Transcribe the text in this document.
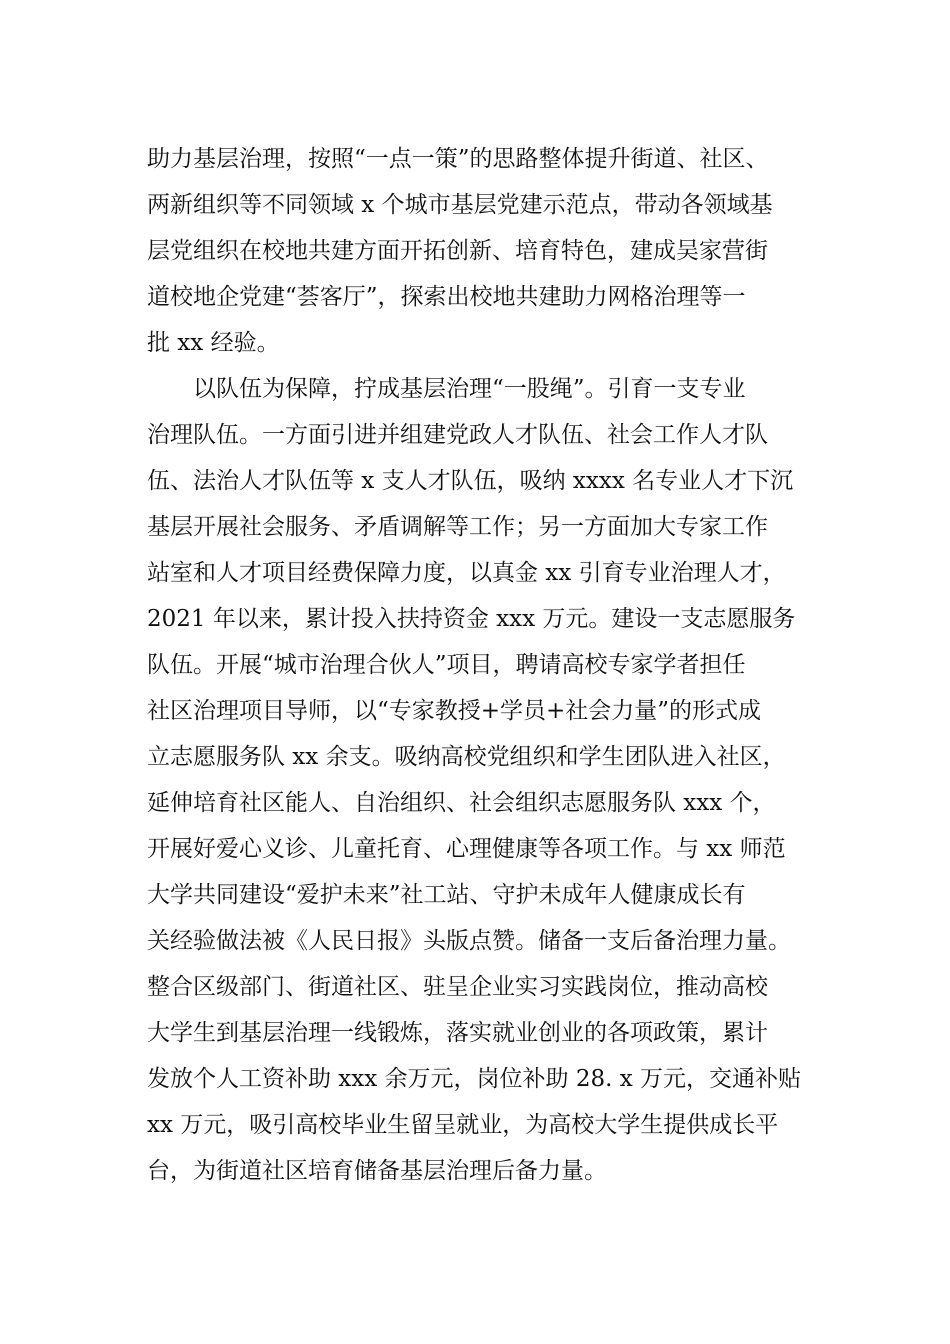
助力基层治理，按照“一点一策”的思路整体提升街道、社区、
两新组织等不同领域 x 个城市基层党建示范点，带动各领域基
层党组织在校地共建方面开拓创新、培育特色，建成吴家营街
道校地企党建“荟客厅”，探索出校地共建助力网格治理等一
批 xx 经验。
　　以队伍为保障，拧成基层治理“一股绳”。引育一支专业
治理队伍。一方面引进并组建党政人才队伍、社会工作人才队
伍、法治人才队伍等 x 支人才队伍，吸纳 xxxx 名专业人才下沉
基层开展社会服务、矛盾调解等工作；另一方面加大专家工作
站室和人才项目经费保障力度，以真金 xx 引育专业治理人才，
2021 年以来，累计投入扶持资金 xxx 万元。建设一支志愿服务
队伍。开展“城市治理合伙人”项目，聘请高校专家学者担任
社区治理项目导师，以“专家教授+学员+社会力量”的形式成
立志愿服务队 xx 余支。吸纳高校党组织和学生团队进入社区，
延伸培育社区能人、自治组织、社会组织志愿服务队 xxx 个，
开展好爱心义诊、儿童托育、心理健康等各项工作。与 xx 师范
大学共同建设“爱护未来”社工站、守护未成年人健康成长有
关经验做法被《人民日报》头版点赞。储备一支后备治理力量。
整合区级部门、街道社区、驻呈企业实习实践岗位，推动高校
大学生到基层治理一线锻炼，落实就业创业的各项政策，累计
发放个人工资补助 xxx 余万元，岗位补助 28. x 万元，交通补贴
xx 万元，吸引高校毕业生留呈就业，为高校大学生提供成长平
台，为街道社区培育储备基层治理后备力量。
